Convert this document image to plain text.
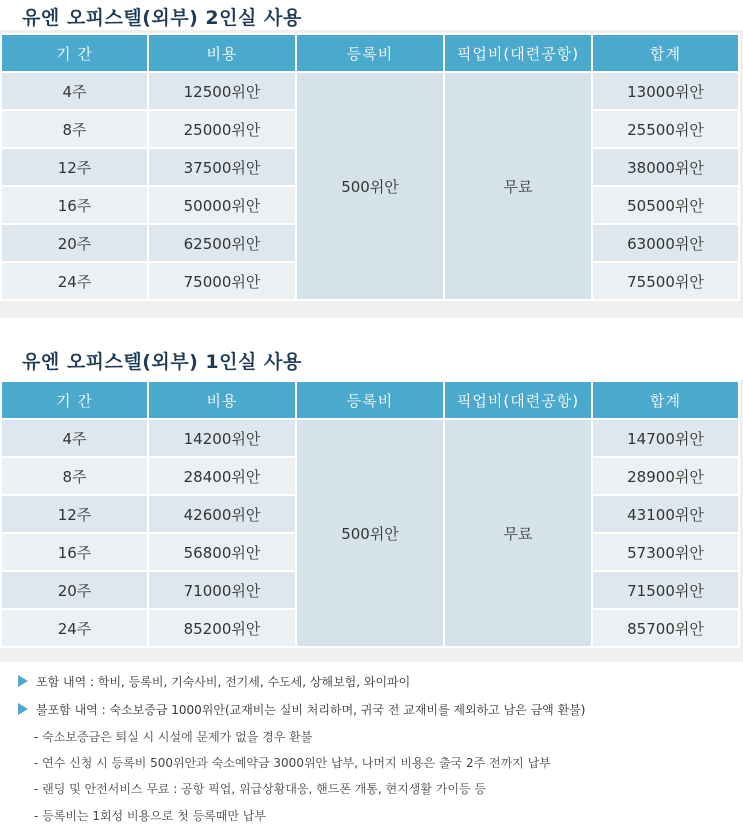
유엔 오피스텔(외부) 2인실 사용
기 간	비용	등록비	픽업비(대련공항)	합계
4주	12500위안	500위안	무료	13000위안
8주	25000위안			25500위안
12주	37500위안			38000위안
16주	50000위안			50500위안
20주	62500위안			63000위안
24주	75000위안			75500위안
유엔 오피스텔(외부) 1인실 사용
기 간	비용	등록비	픽업비(대련공항)	합계
4주	14200위안	500위안	무료	14700위안
8주	28400위안			28900위안
12주	42600위안			43100위안
16주	56800위안			57300위안
20주	71000위안			71500위안
24주	85200위안			85700위안
포함 내역 : 학비, 등록비, 기숙사비, 전기세, 수도세, 상해보험, 와이파이
불포함 내역 : 숙소보증금 1000위안(교재비는 실비 처리하며, 귀국 전 교재비를 제외하고 남은 금액 환불)
- 숙소보증금은 퇴실 시 시설에 문제가 없을 경우 환불
- 연수 신청 시 등록비 500위안과 숙소예약금 3000위안 납부, 나머지 비용은 출국 2주 전까지 납부
- 랜딩 및 안전서비스 무료 : 공항 픽업, 위급상황대응, 핸드폰 개통, 현지생활 가이등 등
- 등록비는 1회성 비용으로 첫 등록때만 납부
